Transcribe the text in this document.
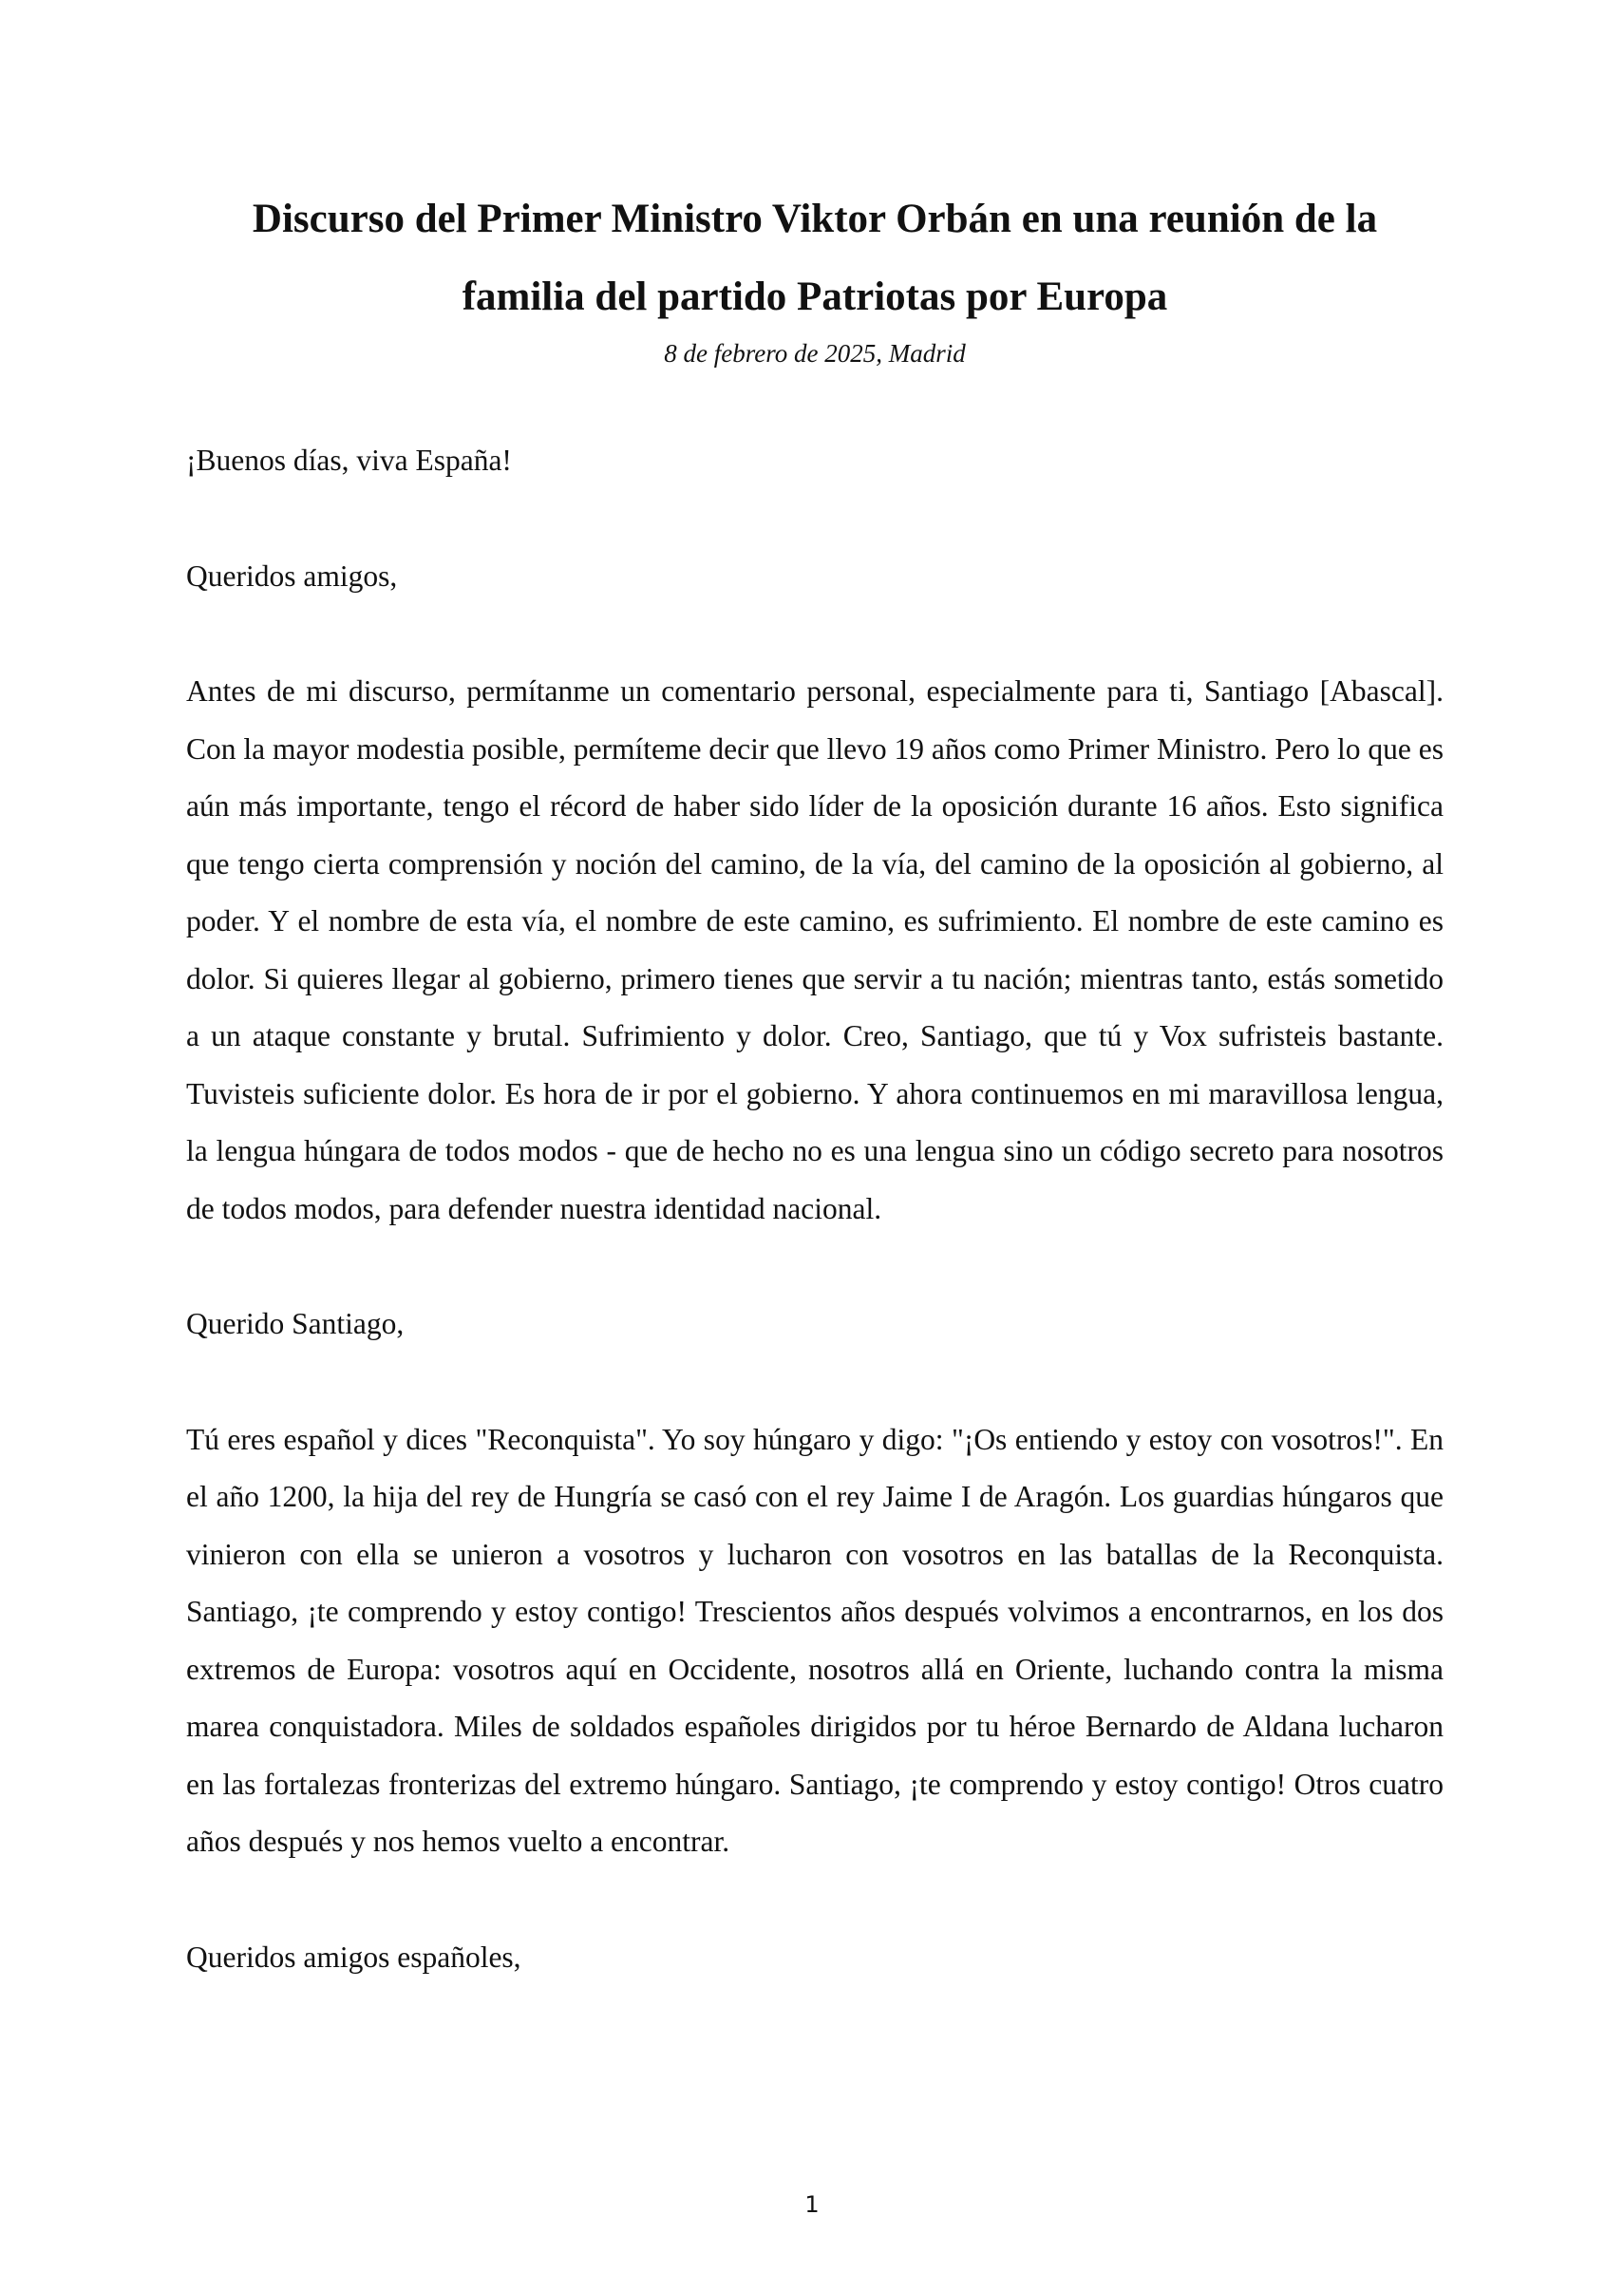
Discurso del Primer Ministro Viktor Orbán en una reunión de la
familia del partido Patriotas por Europa

8 de febrero de 2025, Madrid

¡Buenos días, viva España!

Queridos amigos,

Antes de mi discurso, permítanme un comentario personal, especialmente para ti, Santiago [Abascal]. Con la mayor modestia posible, permíteme decir que llevo 19 años como Primer Ministro. Pero lo que es aún más importante, tengo el récord de haber sido líder de la oposición durante 16 años. Esto significa que tengo cierta comprensión y noción del camino, de la vía, del camino de la oposición al gobierno, al poder. Y el nombre de esta vía, el nombre de este camino, es sufrimiento. El nombre de este camino es dolor. Si quieres llegar al gobierno, primero tienes que servir a tu nación; mientras tanto, estás sometido a un ataque constante y brutal. Sufrimiento y dolor. Creo, Santiago, que tú y Vox sufristeis bastante. Tuvisteis suficiente dolor. Es hora de ir por el gobierno. Y ahora continuemos en mi maravillosa lengua, la lengua húngara de todos modos - que de hecho no es una lengua sino un código secreto para nosotros de todos modos, para defender nuestra identidad nacional.

Querido Santiago,

Tú eres español y dices "Reconquista". Yo soy húngaro y digo: "¡Os entiendo y estoy con vosotros!". En el año 1200, la hija del rey de Hungría se casó con el rey Jaime I de Aragón. Los guardias húngaros que vinieron con ella se unieron a vosotros y lucharon con vosotros en las batallas de la Reconquista. Santiago, ¡te comprendo y estoy contigo! Trescientos años después volvimos a encontrarnos, en los dos extremos de Europa: vosotros aquí en Occidente, nosotros allá en Oriente, luchando contra la misma marea conquistadora. Miles de soldados españoles dirigidos por tu héroe Bernardo de Aldana lucharon en las fortalezas fronterizas del extremo húngaro. Santiago, ¡te comprendo y estoy contigo! Otros cuatro años después y nos hemos vuelto a encontrar.

Queridos amigos españoles,

1
